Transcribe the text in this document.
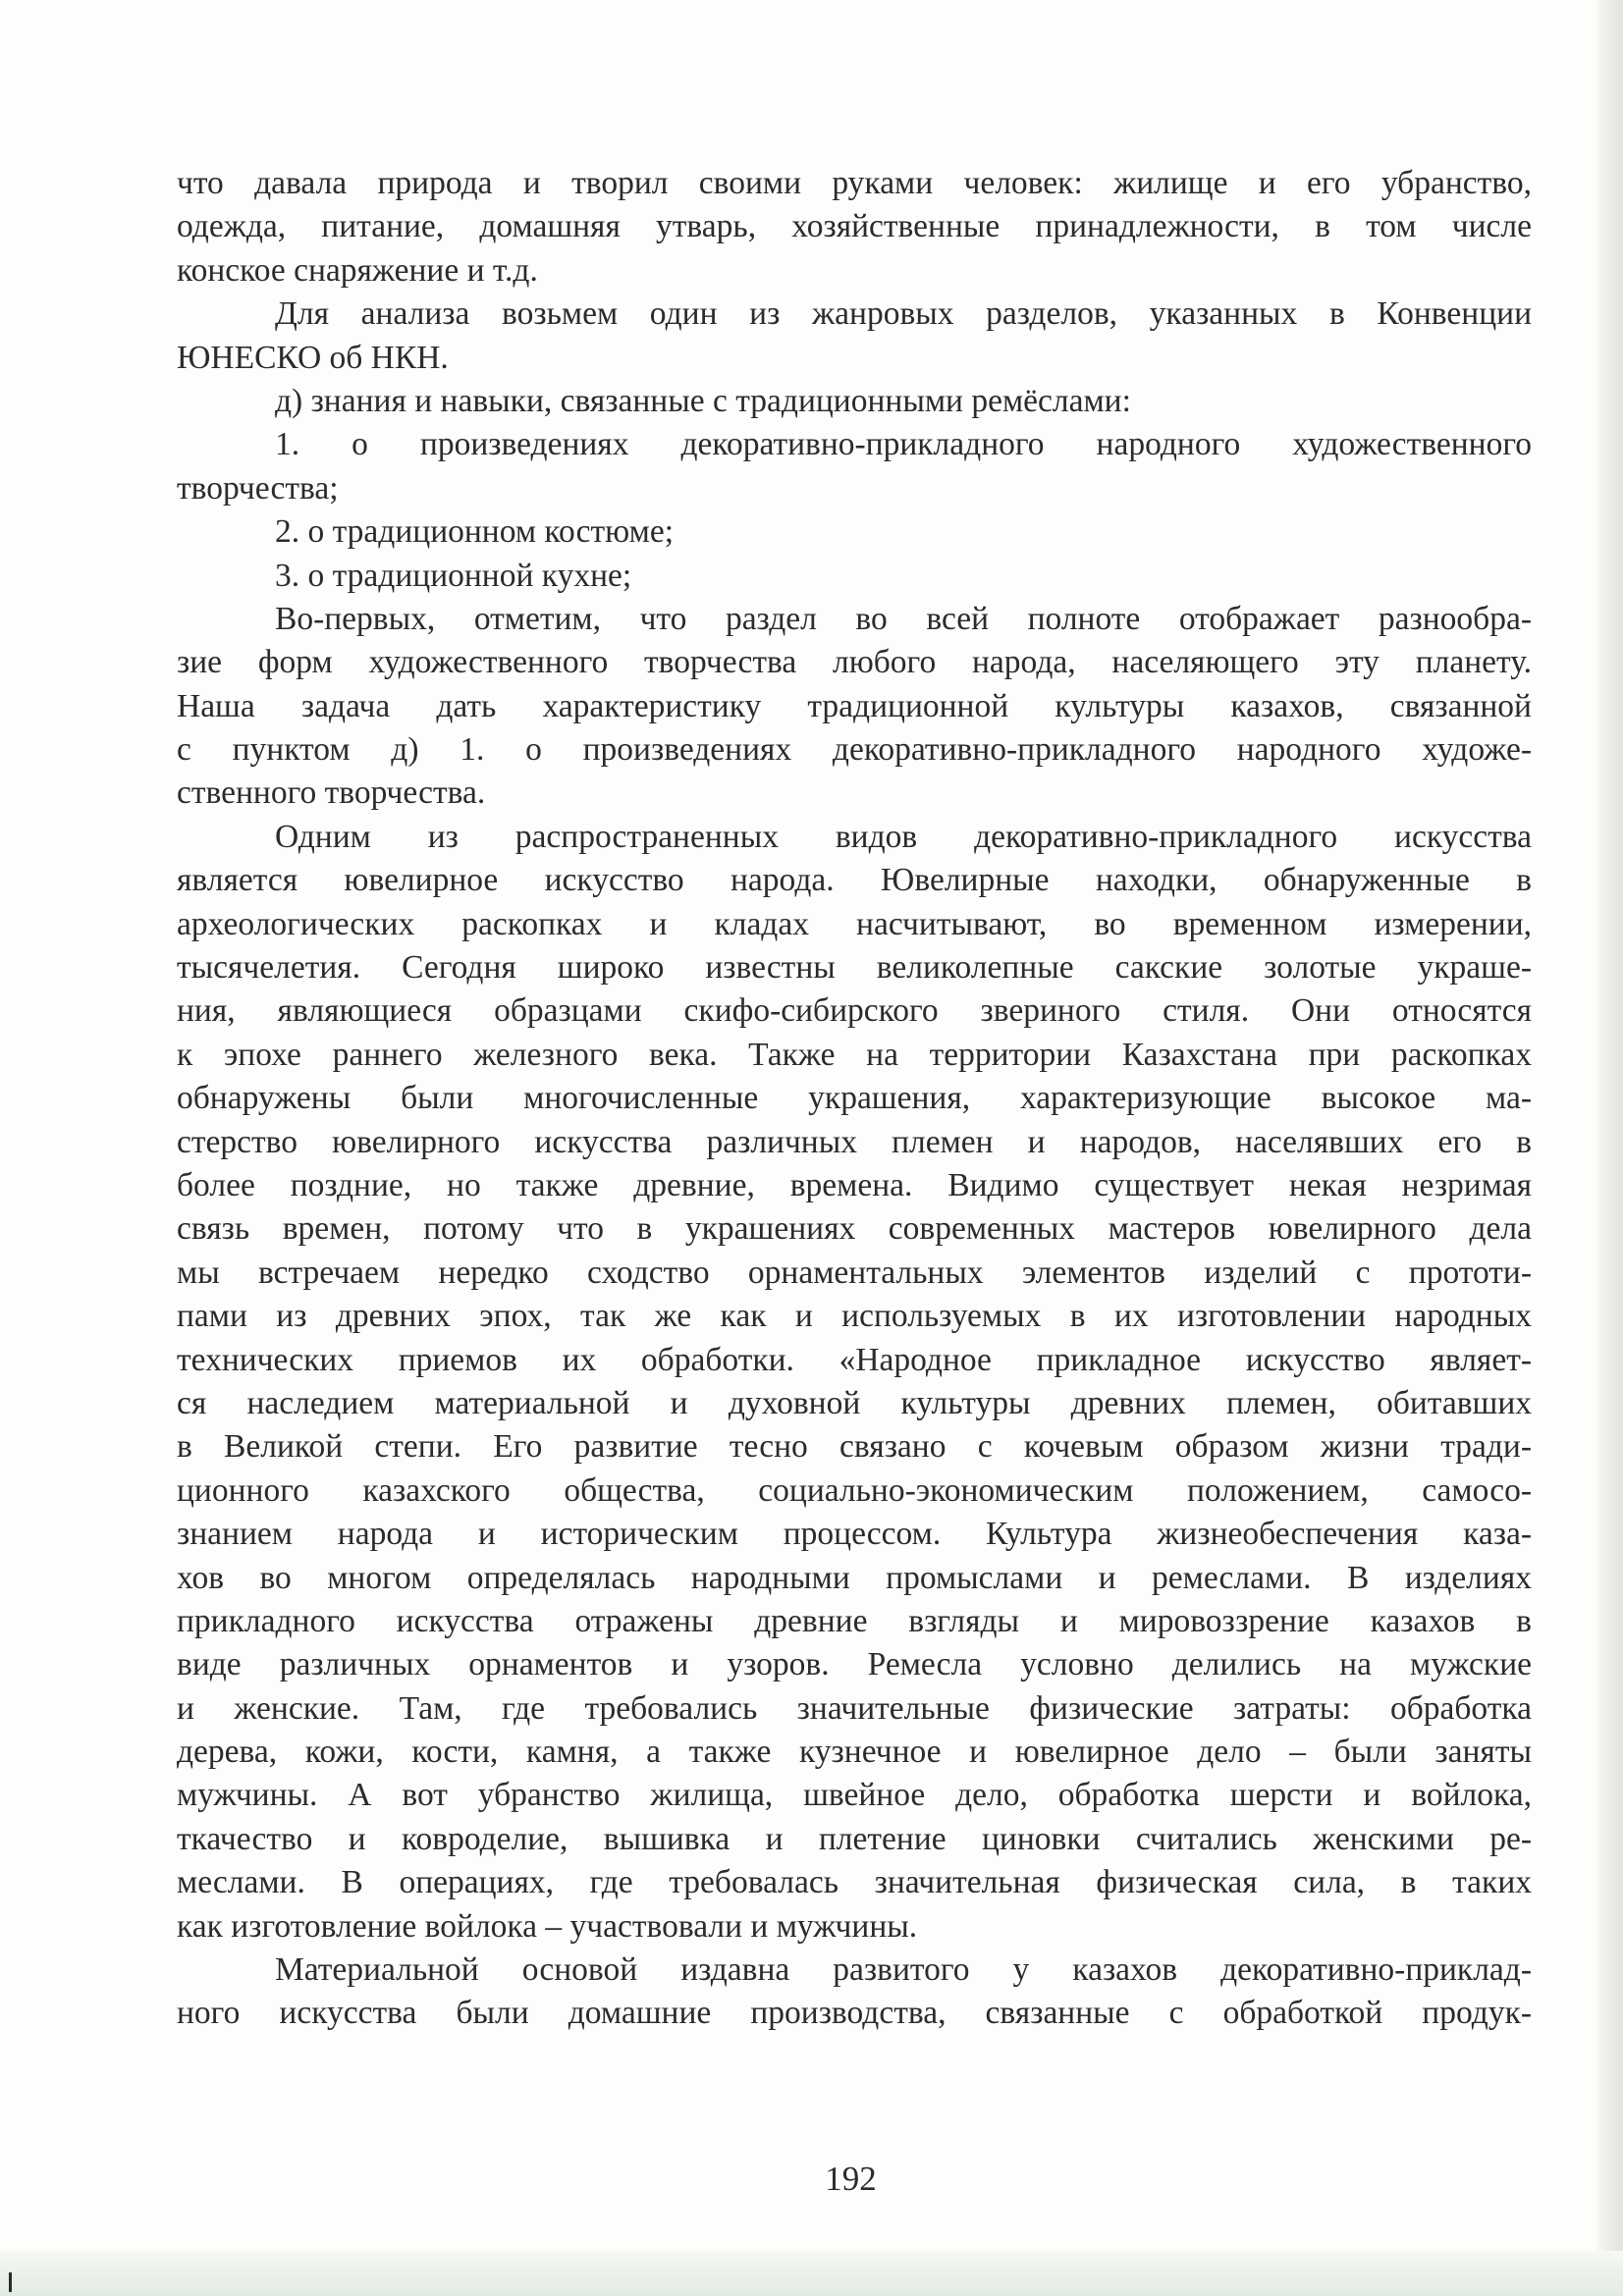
что давала природа и творил своими руками человек: жилище и его убранство,
одежда, питание, домашняя утварь, хозяйственные принадлежности, в том числе
конское снаряжение и т.д.
Для анализа возьмем один из жанровых разделов, указанных в Конвенции
ЮНЕСКО об НКН.
д) знания и навыки, связанные с традиционными ремёслами:
1. о произведениях декоративно-прикладного народного художественного
творчества;
2. о традиционном костюме;
3. о традиционной кухне;
Во-первых, отметим, что раздел во всей полноте отображает разнообра-
зие форм художественного творчества любого народа, населяющего эту планету.
Наша задача дать характеристику традиционной культуры казахов, связанной
с пунктом д) 1. о произведениях декоративно-прикладного народного художе-
ственного творчества.
Одним из распространенных видов декоративно-прикладного искусства
является ювелирное искусство народа. Ювелирные находки, обнаруженные в
археологических раскопках и кладах насчитывают, во временном измерении,
тысячелетия. Сегодня широко известны великолепные сакские золотые украше-
ния, являющиеся образцами скифо-сибирского звериного стиля. Они относятся
к эпохе раннего железного века. Также на территории Казахстана при раскопках
обнаружены были многочисленные украшения, характеризующие высокое ма-
стерство ювелирного искусства различных племен и народов, населявших его в
более поздние, но также древние, времена. Видимо существует некая незримая
связь времен, потому что в украшениях современных мастеров ювелирного дела
мы встречаем нередко сходство орнаментальных элементов изделий с прототи-
пами из древних эпох, так же как и используемых в их изготовлении народных
технических приемов их обработки. «Народное прикладное искусство являет-
ся наследием материальной и духовной культуры древних племен, обитавших
в Великой степи. Его развитие тесно связано с кочевым образом жизни тради-
ционного казахского общества, социально-экономическим положением, самосо-
знанием народа и историческим процессом. Культура жизнеобеспечения каза-
хов во многом определялась народными промыслами и ремеслами. В изделиях
прикладного искусства отражены древние взгляды и мировоззрение казахов в
виде различных орнаментов и узоров. Ремесла условно делились на мужские
и женские. Там, где требовались значительные физические затраты: обработка
дерева, кожи, кости, камня, а также кузнечное и ювелирное дело – были заняты
мужчины. А вот убранство жилища, швейное дело, обработка шерсти и войлока,
ткачество и ковроделие, вышивка и плетение циновки считались женскими ре-
меслами. В операциях, где требовалась значительная физическая сила, в таких
как изготовление войлока – участвовали и мужчины.
Материальной основой издавна развитого у казахов декоративно-приклад-
ного искусства были домашние производства, связанные с обработкой продук-
192
